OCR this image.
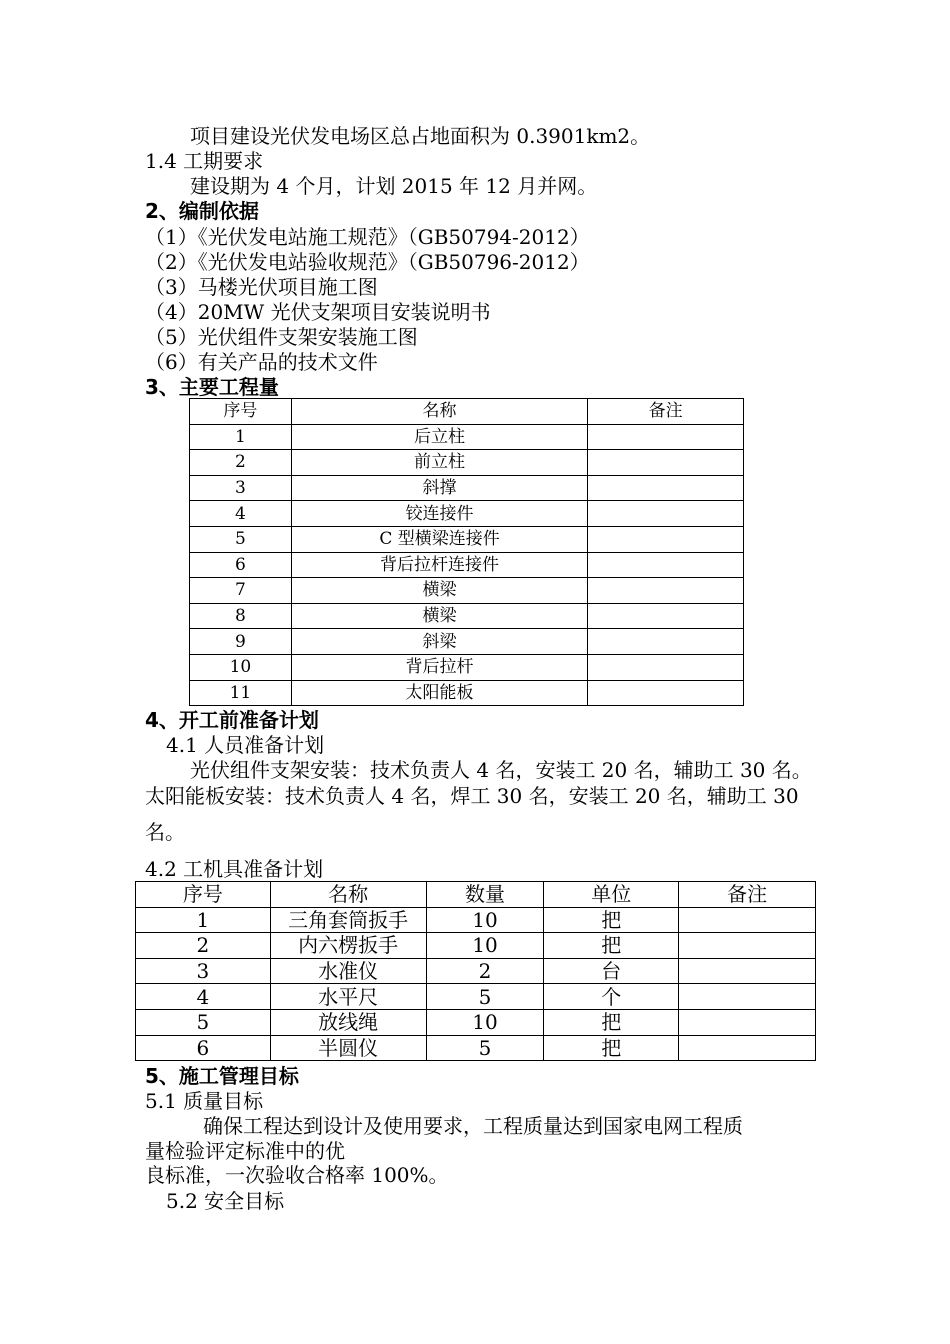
项目建设光伏发电场区总占地面积为 0.3901km2。
1.4 工期要求
建设期为 4 个月，计划 2015 年 12 月并网。
2、编制依据
（1）《光伏发电站施工规范》（GB50794-2012）
（2）《光伏发电站验收规范》（GB50796-2012）
（3）马楼光伏项目施工图
（4）20MW 光伏支架项目安装说明书
（5）光伏组件支架安装施工图
（6）有关产品的技术文件
3、主要工程量
序号	名称	备注
1	后立柱	
2	前立柱	
3	斜撑	
4	铰连接件	
5	C 型横梁连接件	
6	背后拉杆连接件	
7	横梁	
8	横梁	
9	斜梁	
10	背后拉杆	
11	太阳能板	
4、开工前准备计划
4.1 人员准备计划
光伏组件支架安装：技术负责人 4 名，安装工 20 名，辅助工 30 名。
太阳能板安装：技术负责人 4 名，焊工 30 名，安装工 20 名，辅助工 30
名。
4.2 工机具准备计划
序号	名称	数量	单位	备注
1	三角套筒扳手	10	把	
2	内六楞扳手	10	把	
3	水准仪	2	台	
4	水平尺	5	个	
5	放线绳	10	把	
6	半圆仪	5	把	
5、施工管理目标
5.1 质量目标
确保工程达到设计及使用要求，工程质量达到国家电网工程质
量检验评定标准中的优
良标准，一次验收合格率 100%。
5.2 安全目标
